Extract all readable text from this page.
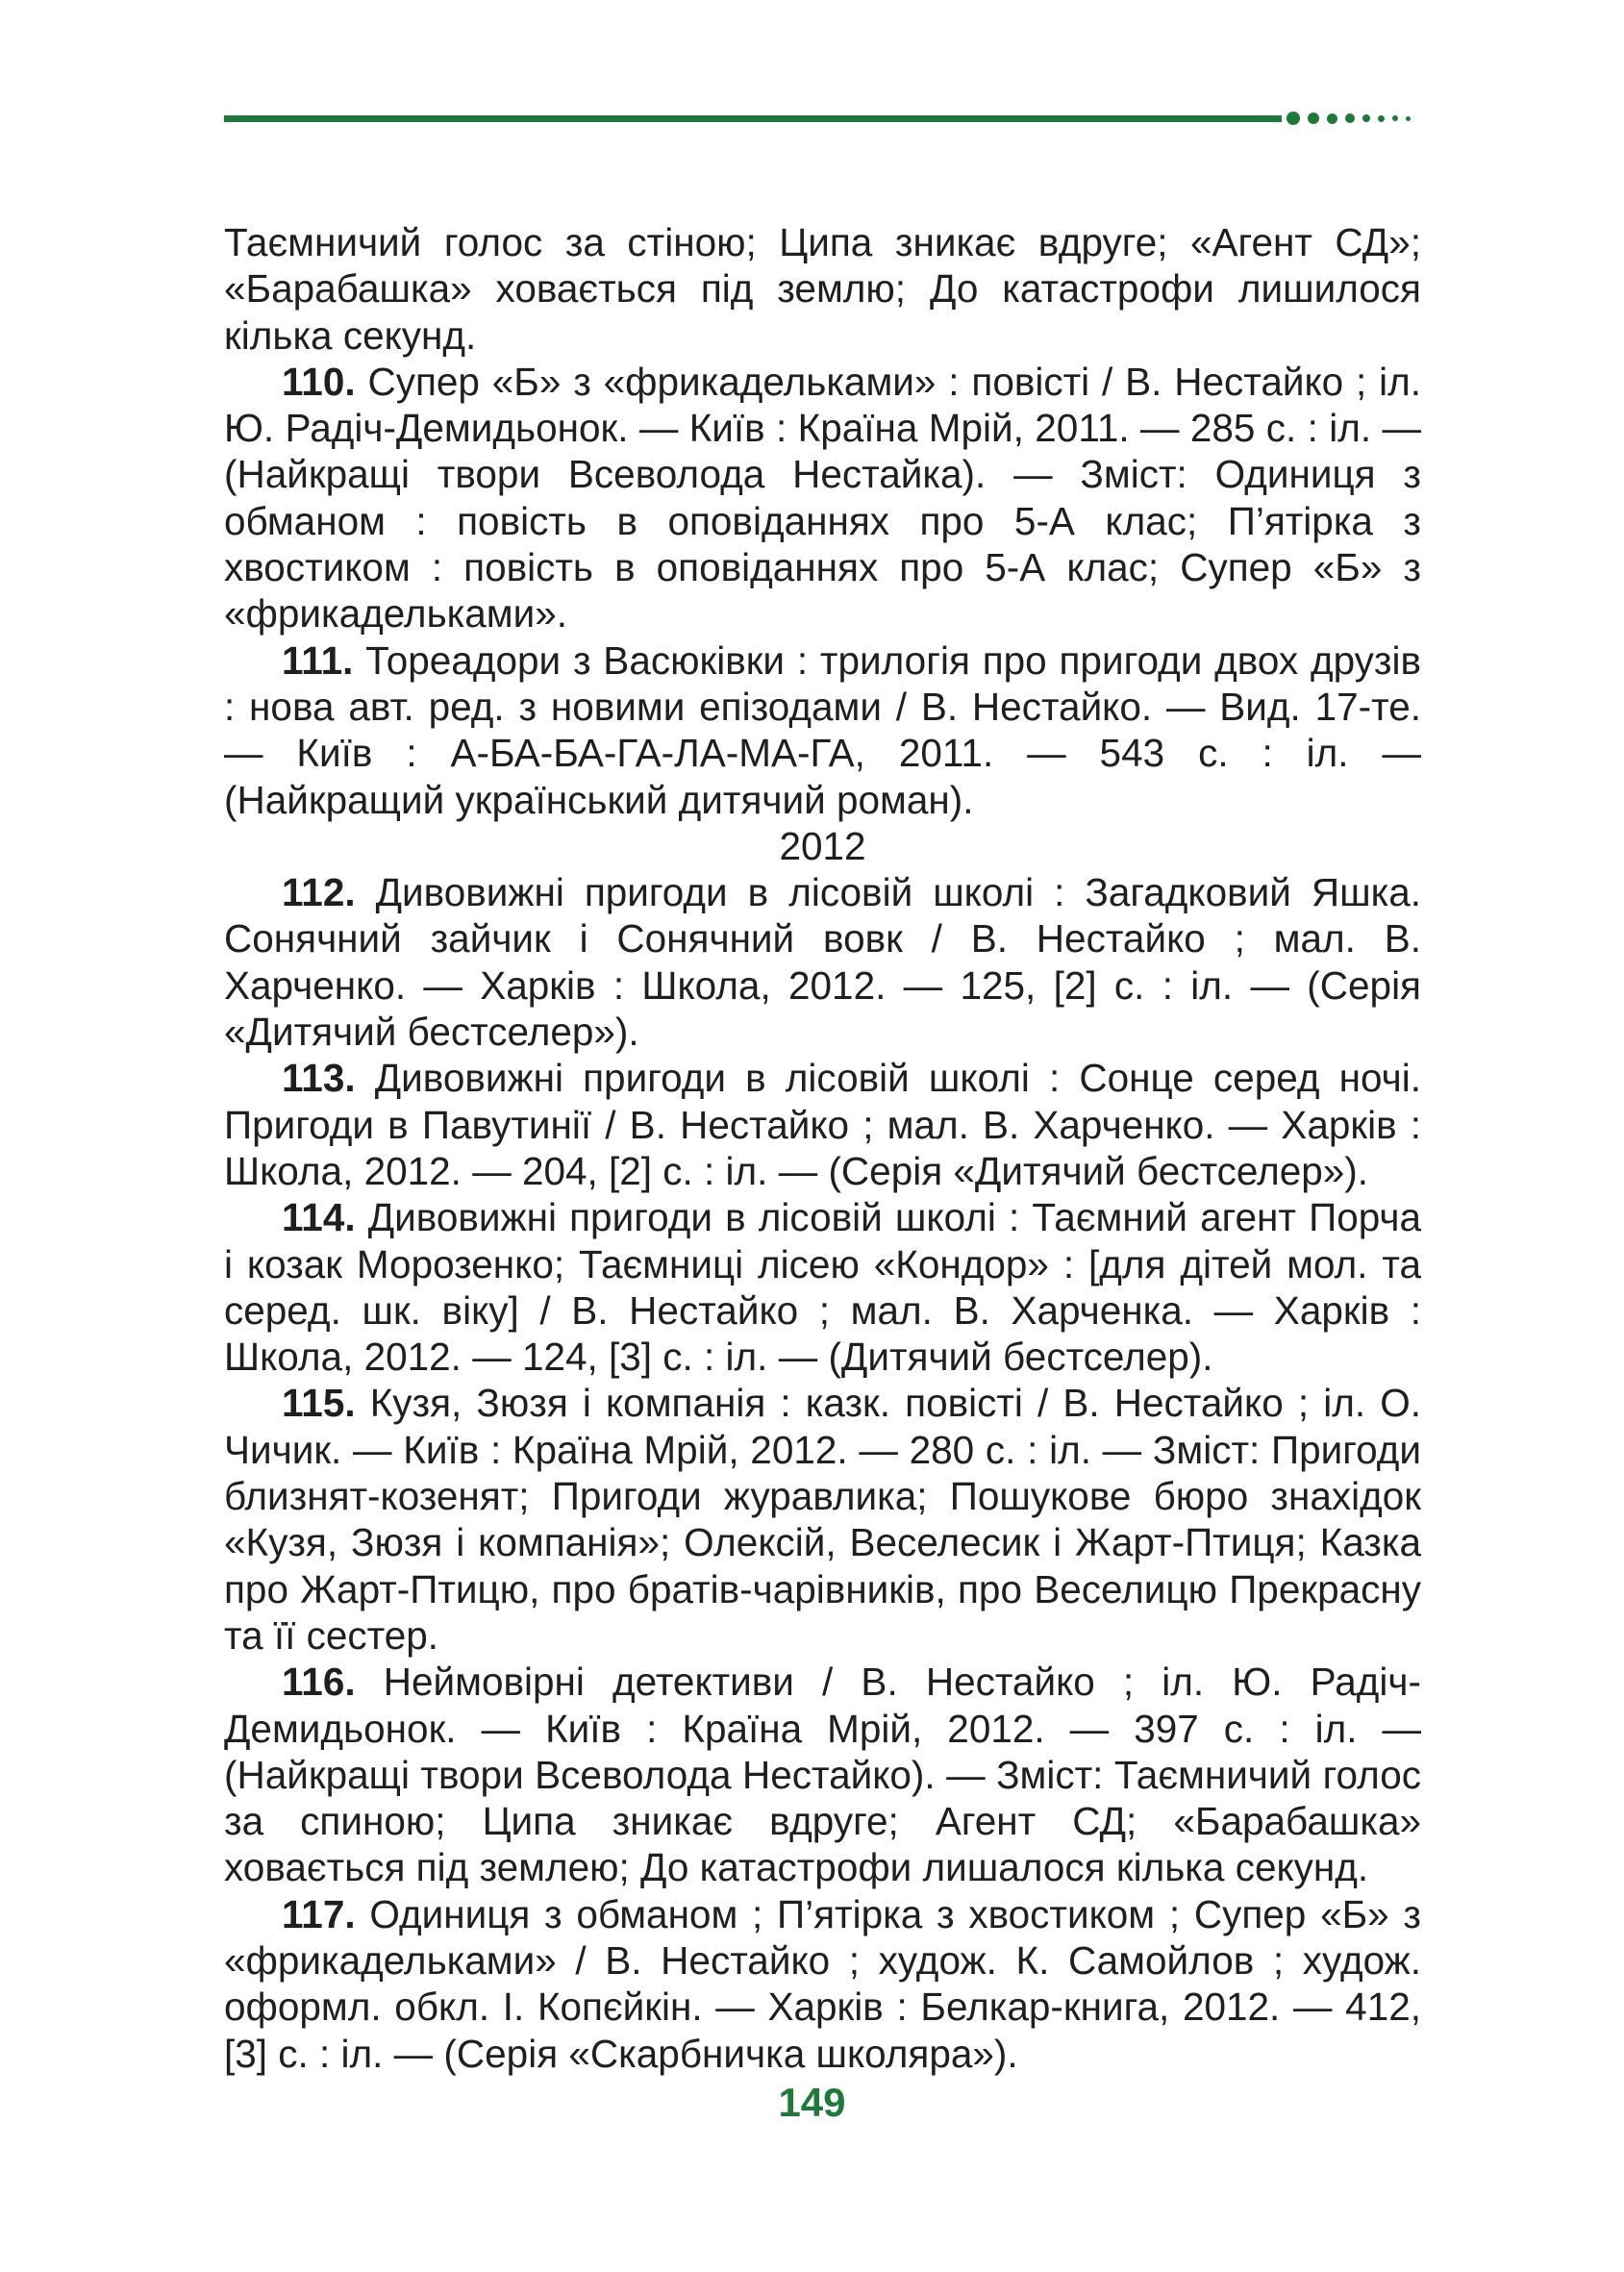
Таємничий голос за стіною; Ципа зникає вдруге; «Агент СД»; «Барабашка» ховається під землю; До катастрофи лишилося кілька секунд.

110. Супер «Б» з «фрикадельками» : повісті / В. Нестайко ; іл. Ю. Радіч-Демидьонок. — Київ : Країна Мрій, 2011. — 285 с. : іл. — (Найкращі твори Всеволода Нестайка). — Зміст: Одиниця з обманом : повість в оповіданнях про 5-А клас; П’ятірка з хвостиком : повість в оповіданнях про 5-А клас; Супер «Б» з «фрикадельками».

111. Тореадори з Васюківки : трилогія про пригоди двох друзів : нова авт. ред. з новими епізодами / В. Нестайко. — Вид. 17-те. — Київ : А-БА-БА-ГА-ЛА-МА-ГА, 2011. — 543 с. : іл. — (Найкращий український дитячий роман).

2012

112. Дивовижні пригоди в лісовій школі : Загадковий Яшка. Сонячний зайчик і Сонячний вовк / В. Нестайко ; мал. В. Харченко. — Харків : Школа, 2012. — 125, [2] с. : іл. — (Серія «Дитячий бестселер»).

113. Дивовижні пригоди в лісовій школі : Сонце серед ночі. Пригоди в Павутинії / В. Нестайко ; мал. В. Харченко. — Харків : Школа, 2012. — 204, [2] с. : іл. — (Серія «Дитячий бестселер»).

114. Дивовижні пригоди в лісовій школі : Таємний агент Порча і козак Морозенко; Таємниці лісею «Кондор» : [для дітей мол. та серед. шк. віку] / В. Нестайко ; мал. В. Харченка. — Харків : Школа, 2012. — 124, [3] с. : іл. — (Дитячий бестселер).

115. Кузя, Зюзя і компанія : казк. повісті / В. Нестайко ; іл. О. Чичик. — Київ : Країна Мрій, 2012. — 280 с. : іл. — Зміст: Пригоди близнят-козенят; Пригоди журавлика; Пошукове бюро знахідок «Кузя, Зюзя і компанія»; Олексій, Веселесик і Жарт-Птиця; Казка про Жарт-Птицю, про братів-чарівників, про Веселицю Прекрасну та її сестер.

116. Неймовірні детективи / В. Нестайко ; іл. Ю. Радіч-Демидьонок. — Київ : Країна Мрій, 2012. — 397 с. : іл. — (Найкращі твори Всеволода Нестайко). — Зміст: Таємничий голос за спиною; Ципа зникає вдруге; Агент СД; «Барабашка» ховається під землею; До катастрофи лишалося кілька секунд.

117. Одиниця з обманом ; П’ятірка з хвостиком ; Супер «Б» з «фрикадельками» / В. Нестайко ; худож. К. Самойлов ; худож. оформл. обкл. І. Копєйкін. — Харків : Белкар-книга, 2012. — 412, [3] с. : іл. — (Серія «Скарбничка школяра»).

149
